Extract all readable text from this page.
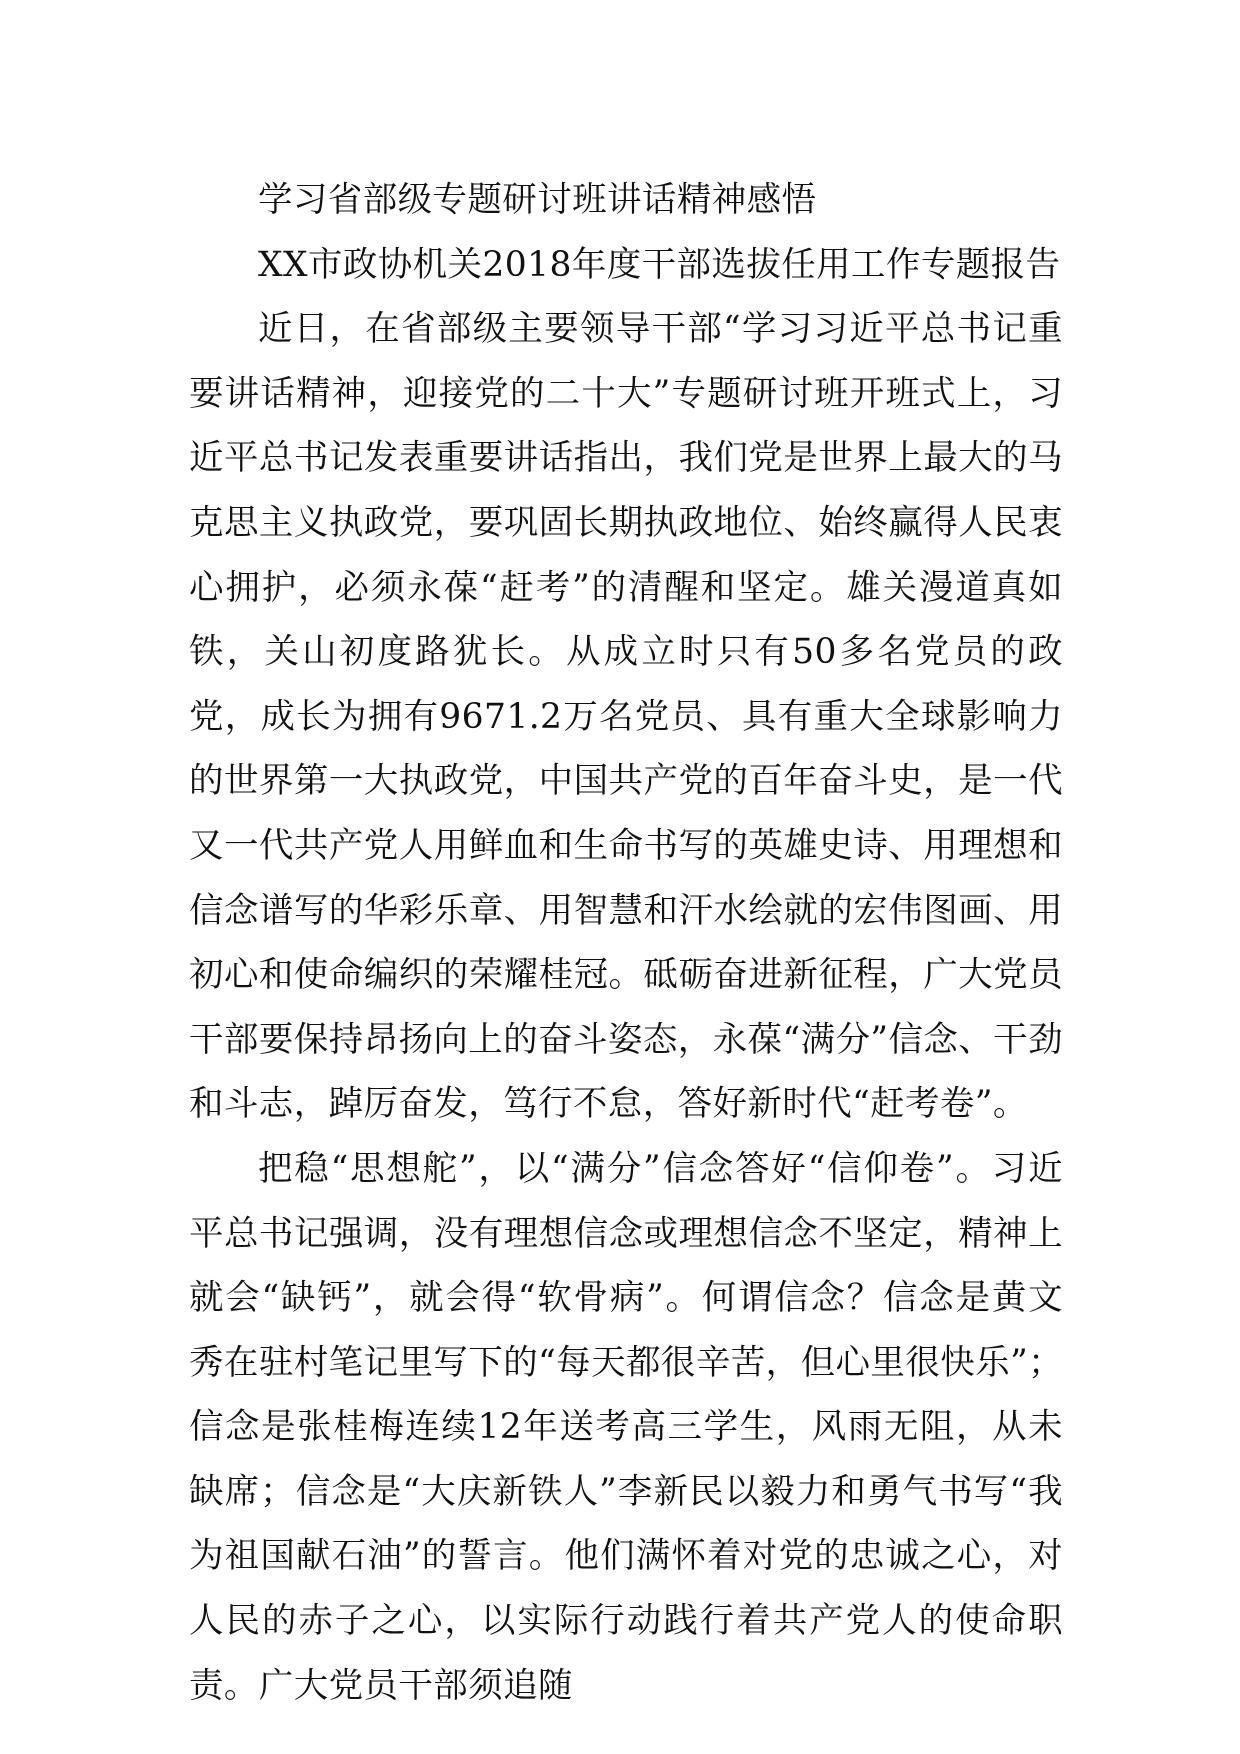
学习省部级专题研讨班讲话精神感悟

XX市政协机关2018年度干部选拔任用工作专题报告

近日，在省部级主要领导干部“学习习近平总书记重要讲话精神，迎接党的二十大”专题研讨班开班式上，习近平总书记发表重要讲话指出，我们党是世界上最大的马克思主义执政党，要巩固长期执政地位、始终赢得人民衷心拥护，必须永葆“赶考”的清醒和坚定。雄关漫道真如铁，关山初度路犹长。从成立时只有50多名党员的政党，成长为拥有9671.2万名党员、具有重大全球影响力的世界第一大执政党，中国共产党的百年奋斗史，是一代又一代共产党人用鲜血和生命书写的英雄史诗、用理想和信念谱写的华彩乐章、用智慧和汗水绘就的宏伟图画、用初心和使命编织的荣耀桂冠。砥砺奋进新征程，广大党员干部要保持昂扬向上的奋斗姿态，永葆“满分”信念、干劲和斗志，踔厉奋发，笃行不怠，答好新时代“赶考卷”。

把稳“思想舵”，以“满分”信念答好“信仰卷”。习近平总书记强调，没有理想信念或理想信念不坚定，精神上就会“缺钙”，就会得“软骨病”。何谓信念？信念是黄文秀在驻村笔记里写下的“每天都很辛苦，但心里很快乐”；信念是张桂梅连续12年送考高三学生，风雨无阻，从未缺席；信念是“大庆新铁人”李新民以毅力和勇气书写“我为祖国献石油”的誓言。他们满怀着对党的忠诚之心，对人民的赤子之心，以实际行动践行着共产党人的使命职责。广大党员干部须追随
